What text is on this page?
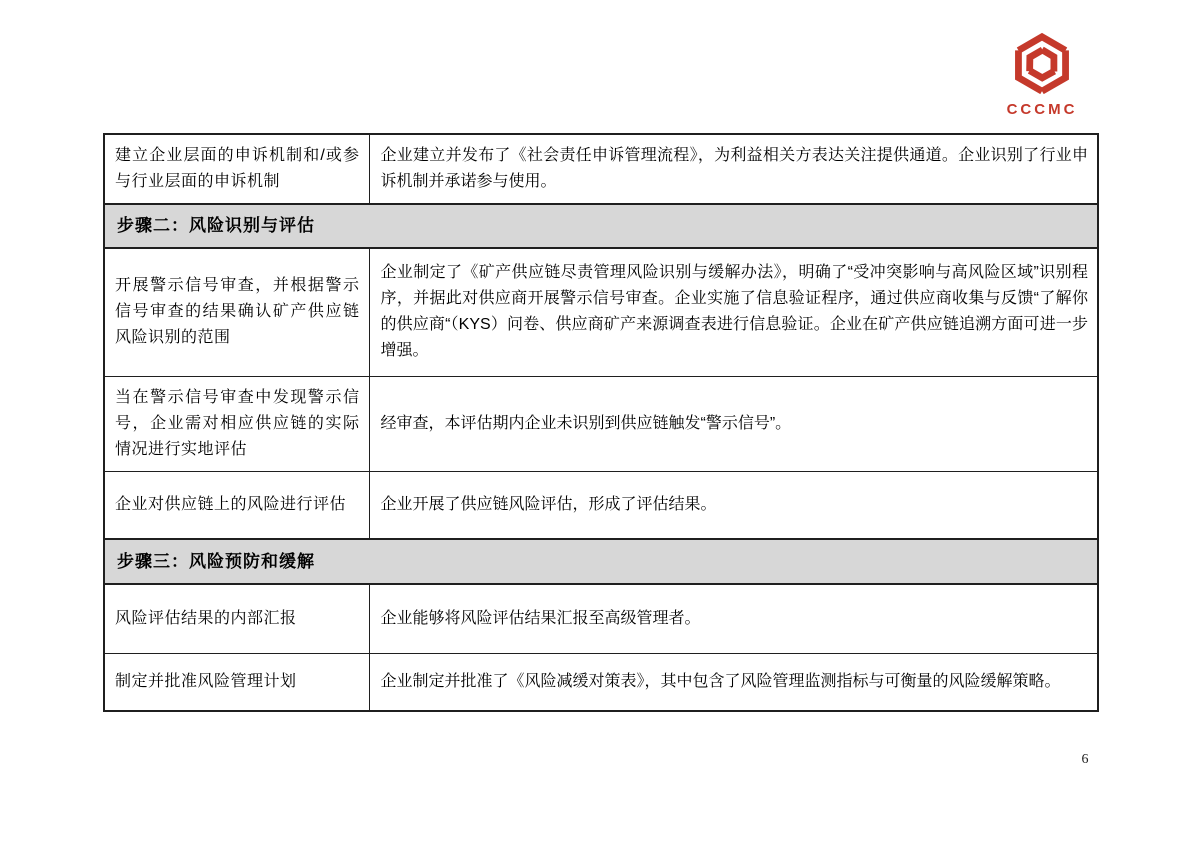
CCCMC
建立企业层面的申诉机制和/或参与行业层面的申诉机制	企业建立并发布了《社会责任申诉管理流程》，为利益相关方表达关注提供通道。企业识别了行业申诉机制并承诺参与使用。
步骤二：风险识别与评估	
开展警示信号审查，并根据警示信号审查的结果确认矿产供应链风险识别的范围	企业制定了《矿产供应链尽责管理风险识别与缓解办法》，明确了“受冲突影响与高风险区域”识别程序，并据此对供应商开展警示信号审查。企业实施了信息验证程序，通过供应商收集与反馈“了解你的供应商“（KYS）问卷、供应商矿产来源调查表进行信息验证。企业在矿产供应链追溯方面可进一步增强。
当在警示信号审查中发现警示信号，企业需对相应供应链的实际情况进行实地评估	经审查，本评估期内企业未识别到供应链触发“警示信号”。
企业对供应链上的风险进行评估	企业开展了供应链风险评估，形成了评估结果。
步骤三：风险预防和缓解	
风险评估结果的内部汇报	企业能够将风险评估结果汇报至高级管理者。
制定并批准风险管理计划	企业制定并批准了《风险减缓对策表》，其中包含了风险管理监测指标与可衡量的风险缓解策略。
6
